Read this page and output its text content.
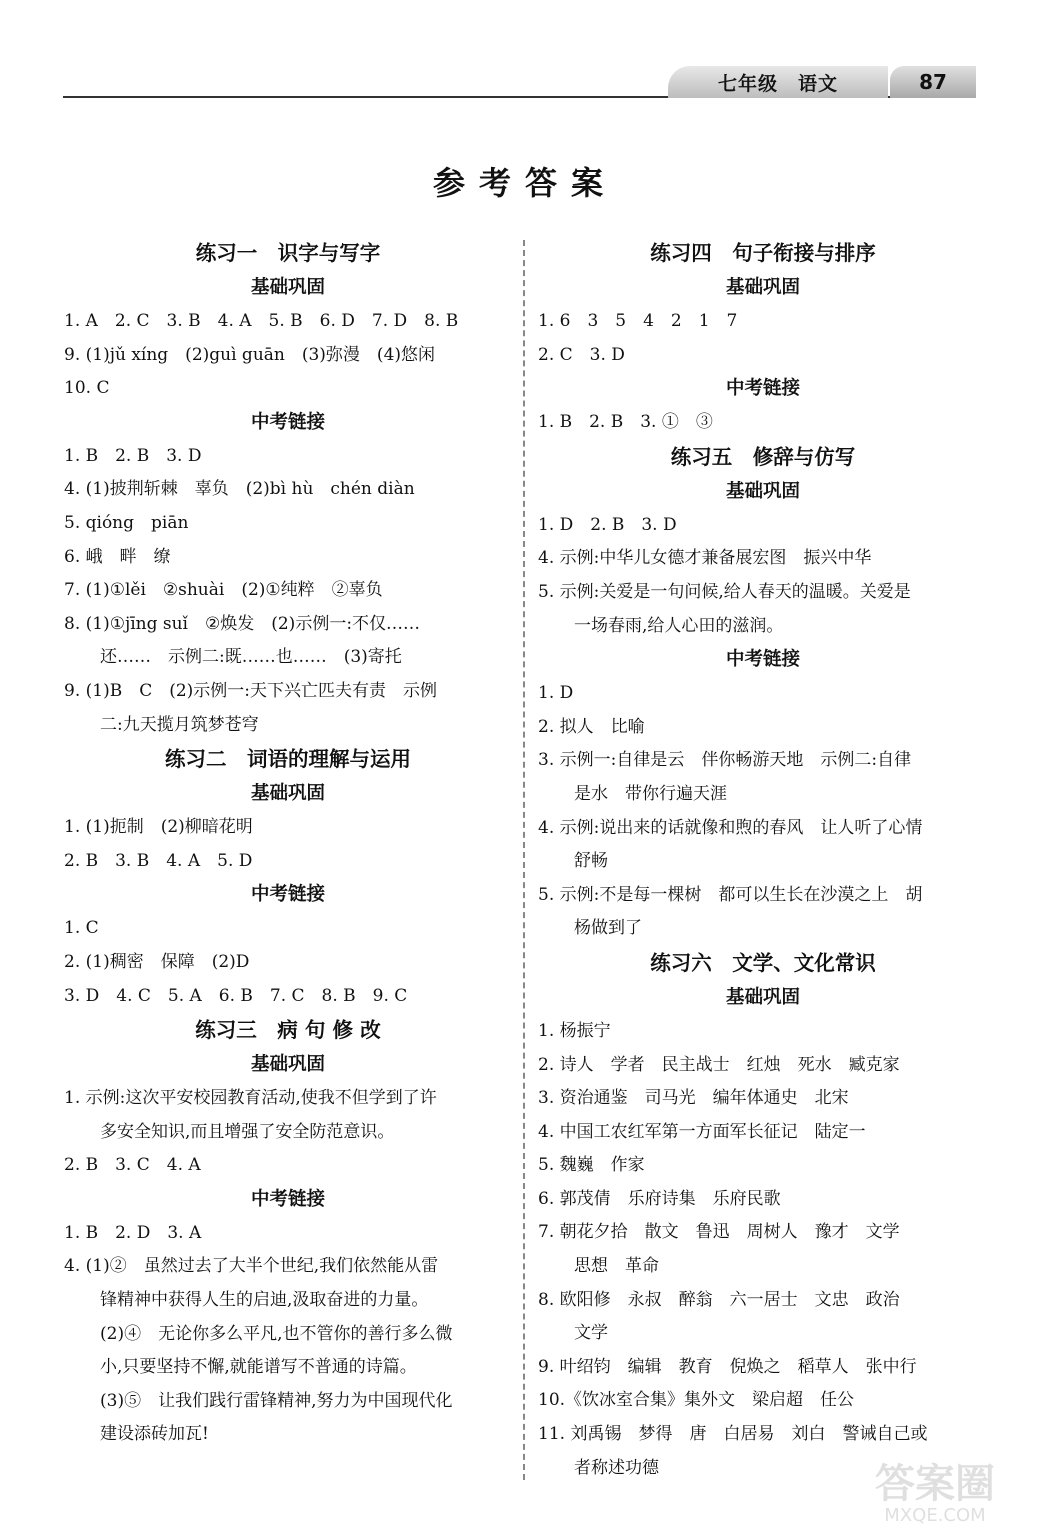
七年级　语文	87
参考答案
练习一　识字与写字
基础巩固
1. A　2. C　3. B　4. A　5. B　6. D　7. D　8. B
9. (1)jǔ xíng　(2)guì guān　(3)弥漫　(4)悠闲
10. C
中考链接
1. B　2. B　3. D
4. (1)披荆斩棘　辜负　(2)bì hù　chén diàn
5. qióng　piān
6. 峨　畔　缭
7. (1)①lěi　②shuài　(2)①纯粹　②辜负
8. (1)①jīng suǐ　②焕发　(2)示例一:不仅……
还……　示例二:既……也……　(3)寄托
9. (1)B　C　(2)示例一:天下兴亡匹夫有责　示例
二:九天揽月筑梦苍穹
练习二　词语的理解与运用
基础巩固
1. (1)扼制　(2)柳暗花明
2. B　3. B　4. A　5. D
中考链接
1. C
2. (1)稠密　保障　(2)D
3. D　4. C　5. A　6. B　7. C　8. B　9. C
练习三　病 句 修 改
基础巩固
1. 示例:这次平安校园教育活动,使我不但学到了许
多安全知识,而且增强了安全防范意识。
2. B　3. C　4. A
中考链接
1. B　2. D　3. A
4. (1)②　虽然过去了大半个世纪,我们依然能从雷
锋精神中获得人生的启迪,汲取奋进的力量。
(2)④　无论你多么平凡,也不管你的善行多么微
小,只要坚持不懈,就能谱写不普通的诗篇。
(3)⑤　让我们践行雷锋精神,努力为中国现代化
建设添砖加瓦!
练习四　句子衔接与排序
基础巩固
1. 6　3　5　4　2　1　7
2. C　3. D
中考链接
1. B　2. B　3. ①　③
练习五　修辞与仿写
基础巩固
1. D　2. B　3. D
4. 示例:中华儿女德才兼备展宏图　振兴中华
5. 示例:关爱是一句问候,给人春天的温暖。关爱是
一场春雨,给人心田的滋润。
中考链接
1. D
2. 拟人　比喻
3. 示例一:自律是云　伴你畅游天地　示例二:自律
是水　带你行遍天涯
4. 示例:说出来的话就像和煦的春风　让人听了心情
舒畅
5. 示例:不是每一棵树　都可以生长在沙漠之上　胡
杨做到了
练习六　文学、文化常识
基础巩固
1. 杨振宁
2. 诗人　学者　民主战士　红烛　死水　臧克家
3. 资治通鉴　司马光　编年体通史　北宋
4. 中国工农红军第一方面军长征记　陆定一
5. 魏巍　作家
6. 郭茂倩　乐府诗集　乐府民歌
7. 朝花夕拾　散文　鲁迅　周树人　豫才　文学
思想　革命
8. 欧阳修　永叔　醉翁　六一居士　文忠　政治
文学
9. 叶绍钧　编辑　教育　倪焕之　稻草人　张中行
10.《饮冰室合集》集外文　梁启超　任公
11. 刘禹锡　梦得　唐　白居易　刘白　警诫自己或
者称述功德	答案圈
MXQE.COM
